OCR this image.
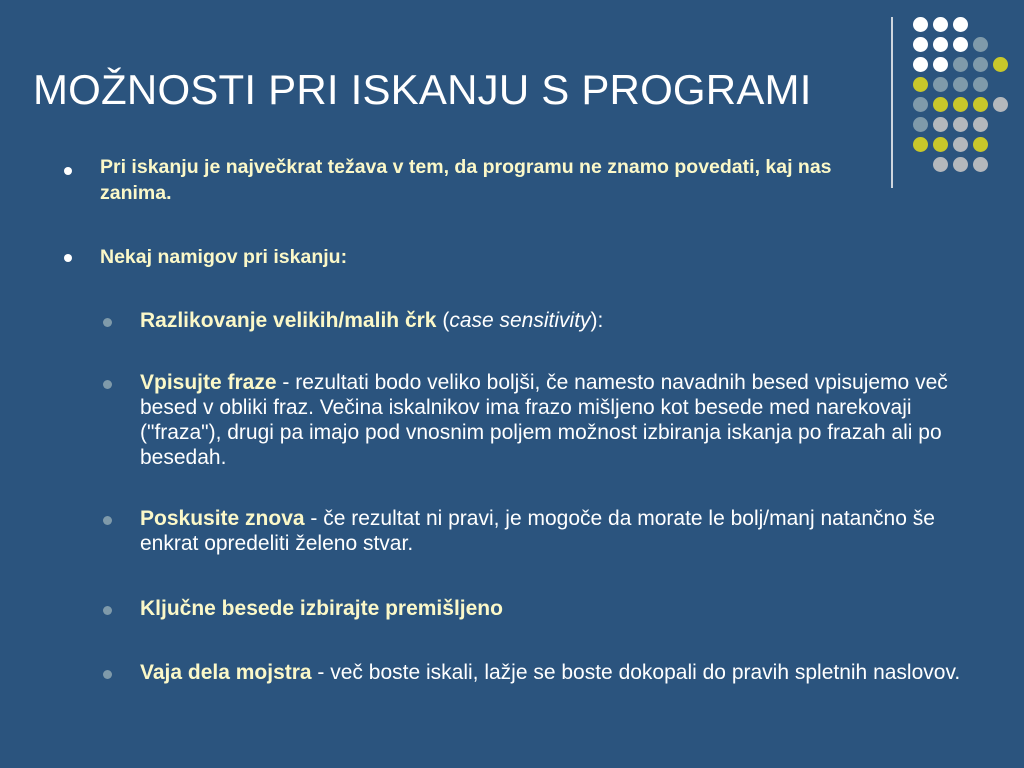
MOŽNOSTI PRI ISKANJU S PROGRAMI
Pri iskanju je največkrat težava v tem, da programu ne znamo povedati, kaj nas zanima.
Nekaj namigov pri iskanju:
Razlikovanje velikih/malih črk (case sensitivity):
Vpisujte fraze - rezultati bodo veliko boljši, če namesto navadnih besed vpisujemo več besed v obliki fraz. Večina iskalnikov ima frazo mišljeno kot besede med narekovaji ("fraza"), drugi pa imajo pod vnosnim poljem možnost izbiranja iskanja po frazah ali po besedah.
Poskusite znova - če rezultat ni pravi, je mogoče da morate le bolj/manj natančno še enkrat opredeliti želeno stvar.
Ključne besede izbirajte premišljeno
Vaja dela mojstra - več boste iskali, lažje se boste dokopali do pravih spletnih naslovov.
